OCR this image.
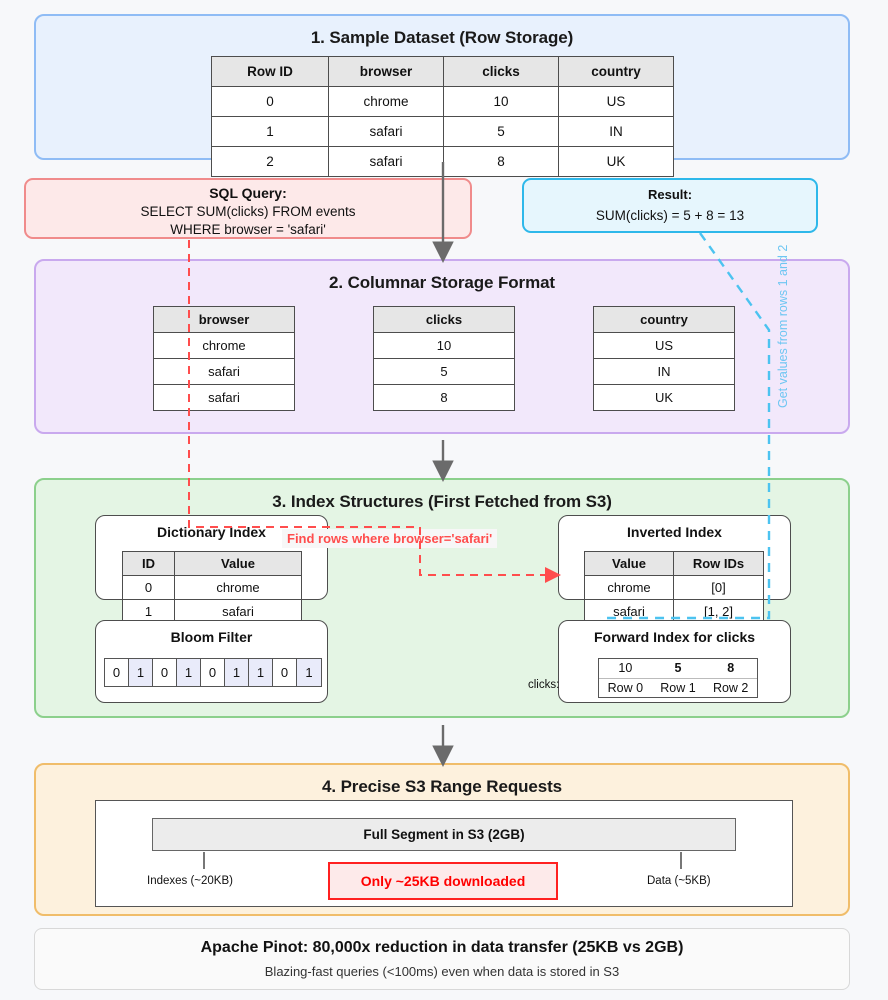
1. Sample Dataset (Row Storage)
Row ID	browser	clicks	country
0	chrome	10	US
1	safari	5	IN
2	safari	8	UK
SQL Query:
SELECT SUM(clicks) FROM events
WHERE browser = 'safari'
Result:
SUM(clicks) = 5 + 8 = 13
2. Columnar Storage Format
browser
chrome
safari
safari
clicks
10
5
8
country
US
IN
UK
3. Index Structures (First Fetched from S3)
Dictionary Index
ID	Value
0	chrome
1	safari
Bloom Filter
0	1	0	1	0	1	1	0	1
Inverted Index
Value	Row IDs
chrome	[0]
safari	[1, 2]
Forward Index for clicks
clicks:
10	5	8
Row 0	Row 1	Row 2
Find rows where browser='safari'
Get values from rows 1 and 2
4. Precise S3 Range Requests
Full Segment in S3 (2GB)
Indexes (~20KB)	Data (~5KB)
Only ~25KB downloaded
Apache Pinot: 80,000x reduction in data transfer (25KB vs 2GB)
Blazing-fast queries (<100ms) even when data is stored in S3
